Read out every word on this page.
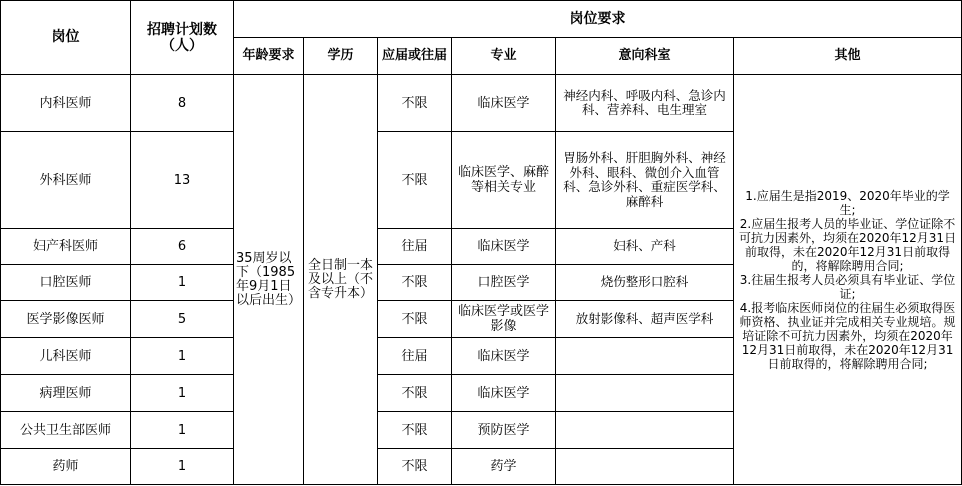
岗位	招聘计划数（人）	岗位要求					
		年龄要求	学历	应届或往届	专业	意向科室	其他
内科医师	8	35周岁以下（1985年9月1日以后出生）	全日制一本及以上（不含专升本）	不限	临床医学	神经内科、呼吸内科、急诊内科、营养科、电生理室	1.应届生是指2019、2020年毕业的学生;
2.应届生报考人员的毕业证、学位证除不可抗力因素外，均须在2020年12月31日前取得，未在2020年12月31日前取得的，将解除聘用合同;
3.往届生报考人员必须具有毕业证、学位证;
4.报考临床医师岗位的往届生必须取得医师资格、执业证并完成相关专业规培。规培证除不可抗力因素外，均须在2020年12月31日前取得，未在2020年12月31日前取得的，将解除聘用合同;

外科医师	13			不限	临床医学、麻醉等相关专业	胃肠外科、肝胆胸外科、神经外科、眼科、微创介入血管科、急诊外科、重症医学科、麻醉科	
妇产科医师	6			往届	临床医学	妇科、产科	
口腔医师	1			不限	口腔医学	烧伤整形口腔科	
医学影像医师	5			不限	临床医学或医学影像	放射影像科、超声医学科	
儿科医师	1			往届	临床医学		
病理医师	1			不限	临床医学		
公共卫生部医师	1			不限	预防医学		
药师	1			不限	药学		
